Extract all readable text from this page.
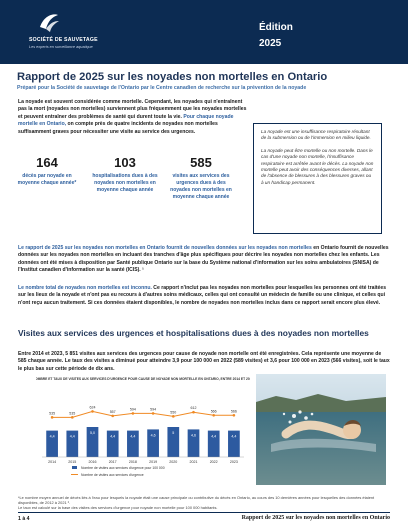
SOCIÉTÉ DE SAUVETAGE
Les experts en surveillance aquatique
Édition
2025
Rapport de 2025 sur les noyades non mortelles en Ontario
Préparé pour la Société de sauvetage de l'Ontario par le Centre canadien de recherche sur la prévention de la noyade
La noyade est souvent considérée comme mortelle. Cependant, les noyades qui n'entraînent pas la mort (noyades non mortelles) surviennent plus fréquemment que les noyades mortelles et peuvent entraîner des problèmes de santé qui durent toute la vie. Pour chaque noyade mortelle en Ontario, on compte près de quatre incidents de noyades non mortelles suffisamment graves pour nécessiter une visite au service des urgences.
164
décès par noyade en moyenne chaque année*
103
hospitalisations dues à des noyades non mortelles en moyenne chaque année
585
visites aux services des urgences dues à des noyades non mortelles en moyenne chaque année

La noyade est une insuffisance respiratoire résultant de la submersion ou de l'immersion en milieu liquide.

La noyade peut être mortelle ou non mortelle. Dans le cas d'une noyade non mortelle, l'insuffisance respiratoire est arrêtée avant le décès. La noyade non mortelle peut avoir des conséquences diverses, allant de l'absence de blessures à des blessures graves ou à un handicap permanent.

Le rapport de 2025 sur les noyades non mortelles en Ontario fournit de nouvelles données sur les noyades non mortelles en Ontario fournit de nouvelles données sur les noyades non mortelles en incluant des tranches d'âge plus spécifiques pour décrire les noyades non mortelles chez les enfants. Les données ont été mises à disposition par Santé publique Ontario sur la base du Système national d'information sur les soins ambulatoires (SNISA) de l'Institut canadien d'information sur la santé (ICIS). ¹
Le nombre total de noyades non mortelles est inconnu. Ce rapport n'inclut pas les noyades non mortelles pour lesquelles les personnes ont été traitées sur les lieux de la noyade et n'ont pas eu recours à d'autres soins médicaux, celles qui ont consulté un médecin de famille ou une clinique, et celles qui n'ont reçu aucun traitement. Si ces données étaient disponibles, le nombre de noyades non mortelles inclus dans ce rapport serait encore plus élevé.
Visites aux services des urgences et hospitalisations dues à des noyades non mortelles
Entre 2014 et 2023, 5 851 visites aux services des urgences pour cause de noyade non mortelle ont été enregistrées. Cela représente une moyenne de 585 chaque année. Le taux des visites a diminué pour atteindre 3,9 pour 100 000 en 2022 (589 visites) et 3,6 pour 100 000 en 2023 (566 visites), soit le taux le plus bas sur cette période de dix ans.
NOMBRE ET TAUX DE VISITES AUX SERVICES D'URGENCE POUR CAUSE DE NOYADE NON MORTELLE EN ONTARIO, ENTRE 2014 ET 2023
4,4
2014
4,4
2015
5,0
2016
4,4
2017
4,4
2018
4,6
2019
5
2020
4,6
2021
4,4
2022
4,4
2023
535	535
624
557
594	594
550
612
566	566
Nombre de visites aux services d'urgence pour 100 000
Nombre de visites aux services d'urgence

*Le nombre moyen annuel de décès liés à l'eau pour lesquels la noyade était une cause principale ou contributive du décès en Ontario, au cours des 10 dernières années pour lesquelles des données étaient disponibles, de 2012 à 2021 ².

Le taux est calculé sur la base des visites des services d'urgence pour noyade non mortelle pour 100 000 habitants.

1 à 4	Rapport de 2025 sur les noyades non mortelles en Ontario
